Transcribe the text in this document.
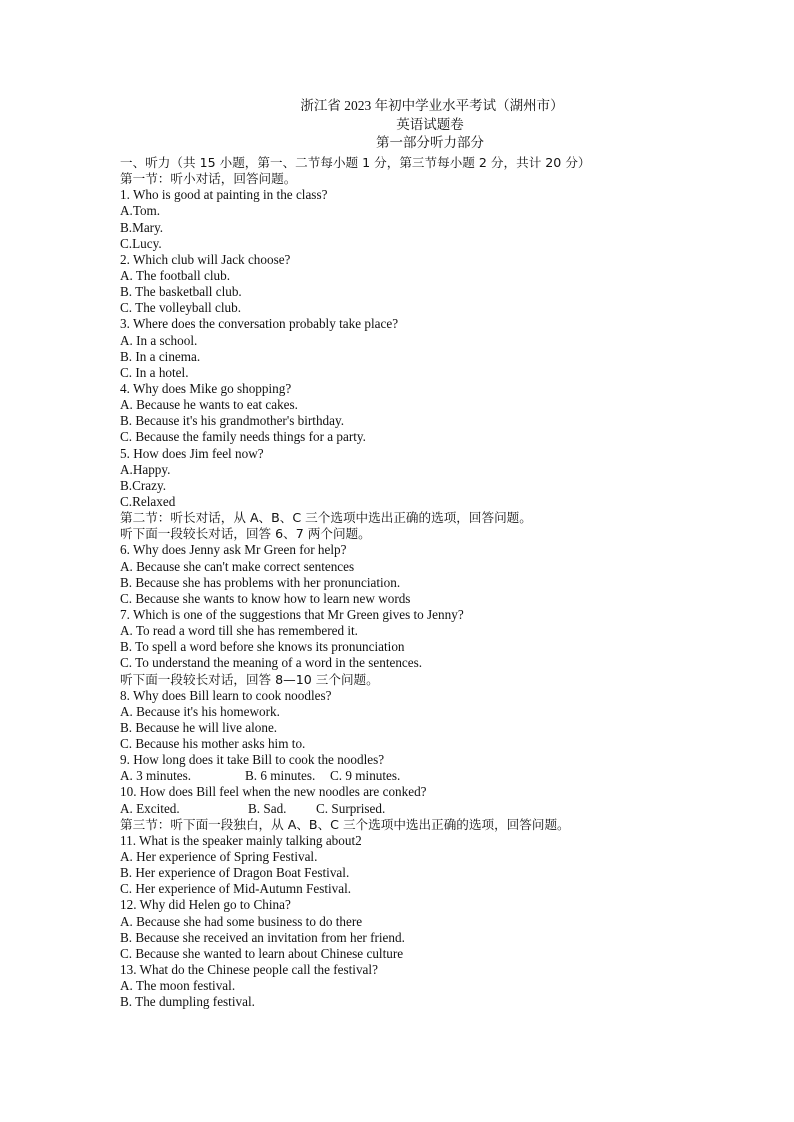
浙江省 2023 年初中学业水平考试（湖州市）
英语试题卷
第一部分听力部分
一、听力（共 15 小题，第一、二节每小题 1 分，第三节每小题 2 分，共计 20 分）
第一节：听小对话，回答问题。
1. Who is good at painting in the class?
A.Tom.
B.Mary.
C.Lucy.
2. Which club will Jack choose?
A. The football club.
B. The basketball club.
C. The volleyball club.
3. Where does the conversation probably take place?
A. In a school.
B. In a cinema.
C. In a hotel.
4. Why does Mike go shopping?
A. Because he wants to eat cakes.
B. Because it's his grandmother's birthday.
C. Because the family needs things for a party.
5. How does Jim feel now?
A.Happy.
B.Crazy.
C.Relaxed
第二节：听长对话，从 A、B、C 三个选项中选出正确的选项，回答问题。
听下面一段较长对话，回答 6、7 两个问题。
6. Why does Jenny ask Mr Green for help?
A. Because she can't make correct sentences
B. Because she has problems with her pronunciation.
C. Because she wants to know how to learn new words
7. Which is one of the suggestions that Mr Green gives to Jenny?
A. To read a word till she has remembered it.
B. To spell a word before she knows its pronunciation
C. To understand the meaning of a word in the sentences.
听下面一段较长对话，回答 8—10 三个问题。
8. Why does Bill learn to cook noodles?
A. Because it's his homework.
B. Because he will live alone.
C. Because his mother asks him to.
9. How long does it take Bill to cook the noodles?
A. 3 minutes.	B. 6 minutes. C. 9 minutes.
10. How does Bill feel when the new noodles are conked?
A. Excited.	B. Sad. C. Surprised.
第三节：听下面一段独白，从 A、B、C 三个选项中选出正确的选项，回答问题。
11. What is the speaker mainly talking about2
A. Her experience of Spring Festival.
B. Her experience of Dragon Boat Festival.
C. Her experience of Mid-Autumn Festival.
12. Why did Helen go to China?
A. Because she had some business to do there
B. Because she received an invitation from her friend.
C. Because she wanted to learn about Chinese culture
13. What do the Chinese people call the festival?
A. The moon festival.
B. The dumpling festival.
